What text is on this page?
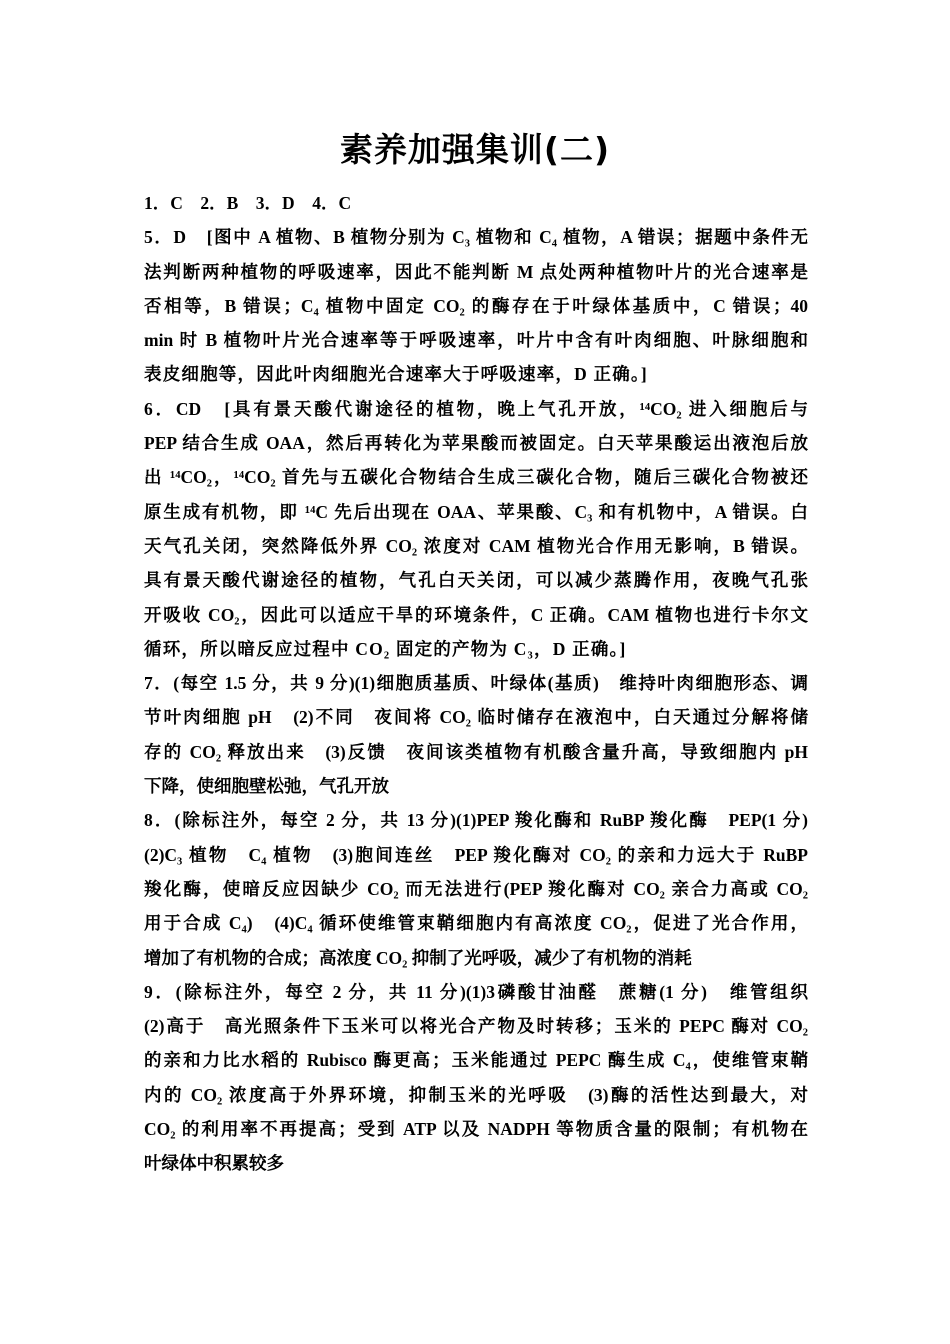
素养加强集训(二)
1．C　2．B　3．D　4．C
5．D　[图中 A 植物、B 植物分别为 C₃ 植物和 C₄ 植物，A 错误；据题中条件无
法判断两种植物的呼吸速率，因此不能判断 M 点处两种植物叶片的光合速率是
否相等，B 错误；C₄ 植物中固定 CO₂ 的酶存在于叶绿体基质中，C 错误；40
min 时 B 植物叶片光合速率等于呼吸速率，叶片中含有叶肉细胞、叶脉细胞和
表皮细胞等，因此叶肉细胞光合速率大于呼吸速率，D 正确。]
6．CD　[具有景天酸代谢途径的植物，晚上气孔开放，¹⁴CO₂ 进入细胞后与
PEP 结合生成 OAA，然后再转化为苹果酸而被固定。白天苹果酸运出液泡后放
出 ¹⁴CO₂，¹⁴CO₂ 首先与五碳化合物结合生成三碳化合物，随后三碳化合物被还
原生成有机物，即 ¹⁴C 先后出现在 OAA、苹果酸、C₃ 和有机物中，A 错误。白
天气孔关闭，突然降低外界 CO₂ 浓度对 CAM 植物光合作用无影响，B 错误。
具有景天酸代谢途径的植物，气孔白天关闭，可以减少蒸腾作用，夜晚气孔张
开吸收 CO₂，因此可以适应干旱的环境条件，C 正确。CAM 植物也进行卡尔文
循环，所以暗反应过程中 CO₂ 固定的产物为 C₃，D 正确。]
7．(每空 1.5 分，共 9 分)(1)细胞质基质、叶绿体(基质)　维持叶肉细胞形态、调
节叶肉细胞 pH　(2)不同　夜间将 CO₂ 临时储存在液泡中，白天通过分解将储
存的 CO₂ 释放出来　(3)反馈　夜间该类植物有机酸含量升高，导致细胞内 pH
下降，使细胞壁松弛，气孔开放
8．(除标注外，每空 2 分，共 13 分)(1)PEP 羧化酶和 RuBP 羧化酶　PEP(1 分)
(2)C₃ 植物　C₄ 植物　(3)胞间连丝　PEP 羧化酶对 CO₂ 的亲和力远大于 RuBP
羧化酶，使暗反应因缺少 CO₂ 而无法进行(PEP 羧化酶对 CO₂ 亲合力高或 CO₂
用于合成 C₄)　(4)C₄ 循环使维管束鞘细胞内有高浓度 CO₂，促进了光合作用，
增加了有机物的合成；高浓度 CO₂ 抑制了光呼吸，减少了有机物的消耗
9．(除标注外，每空 2 分，共 11 分)(1)3磷酸甘油醛　蔗糖(1 分)　维管组织
(2)高于　高光照条件下玉米可以将光合产物及时转移；玉米的 PEPC 酶对 CO₂
的亲和力比水稻的 Rubisco 酶更高；玉米能通过 PEPC 酶生成 C₄，使维管束鞘
内的 CO₂ 浓度高于外界环境，抑制玉米的光呼吸　(3)酶的活性达到最大，对
CO₂ 的利用率不再提高；受到 ATP 以及 NADPH 等物质含量的限制；有机物在
叶绿体中积累较多
